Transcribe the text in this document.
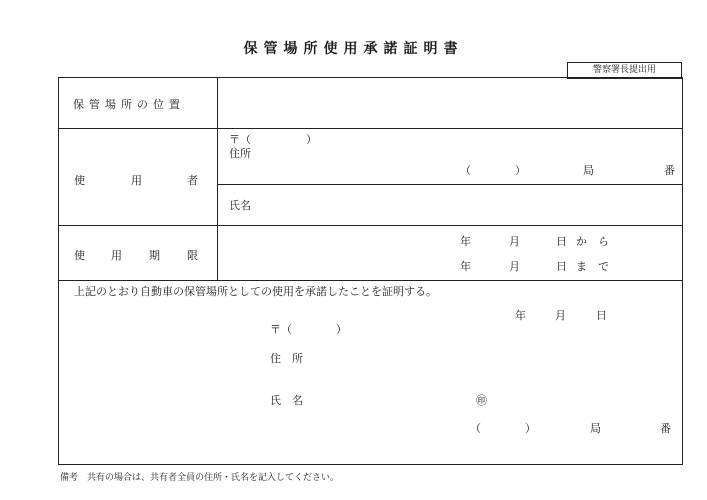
保管場所使用承諾証明書
警察署長提出用
保管場所の位置
使	用	者
〒（　　　　　）
住所
（　　　　）	局	番
氏名
使 用 期 限
年	月	日 か　ら
年	月	日 ま　で
上記のとおり自動車の保管場所としての使用を承諾したことを証明する。
年	月	日
〒（　　　　）
住　所
氏　名	㊞
（　　　　）	局	番
備考　共有の場合は、共有者全員の住所・氏名を記入してください。
